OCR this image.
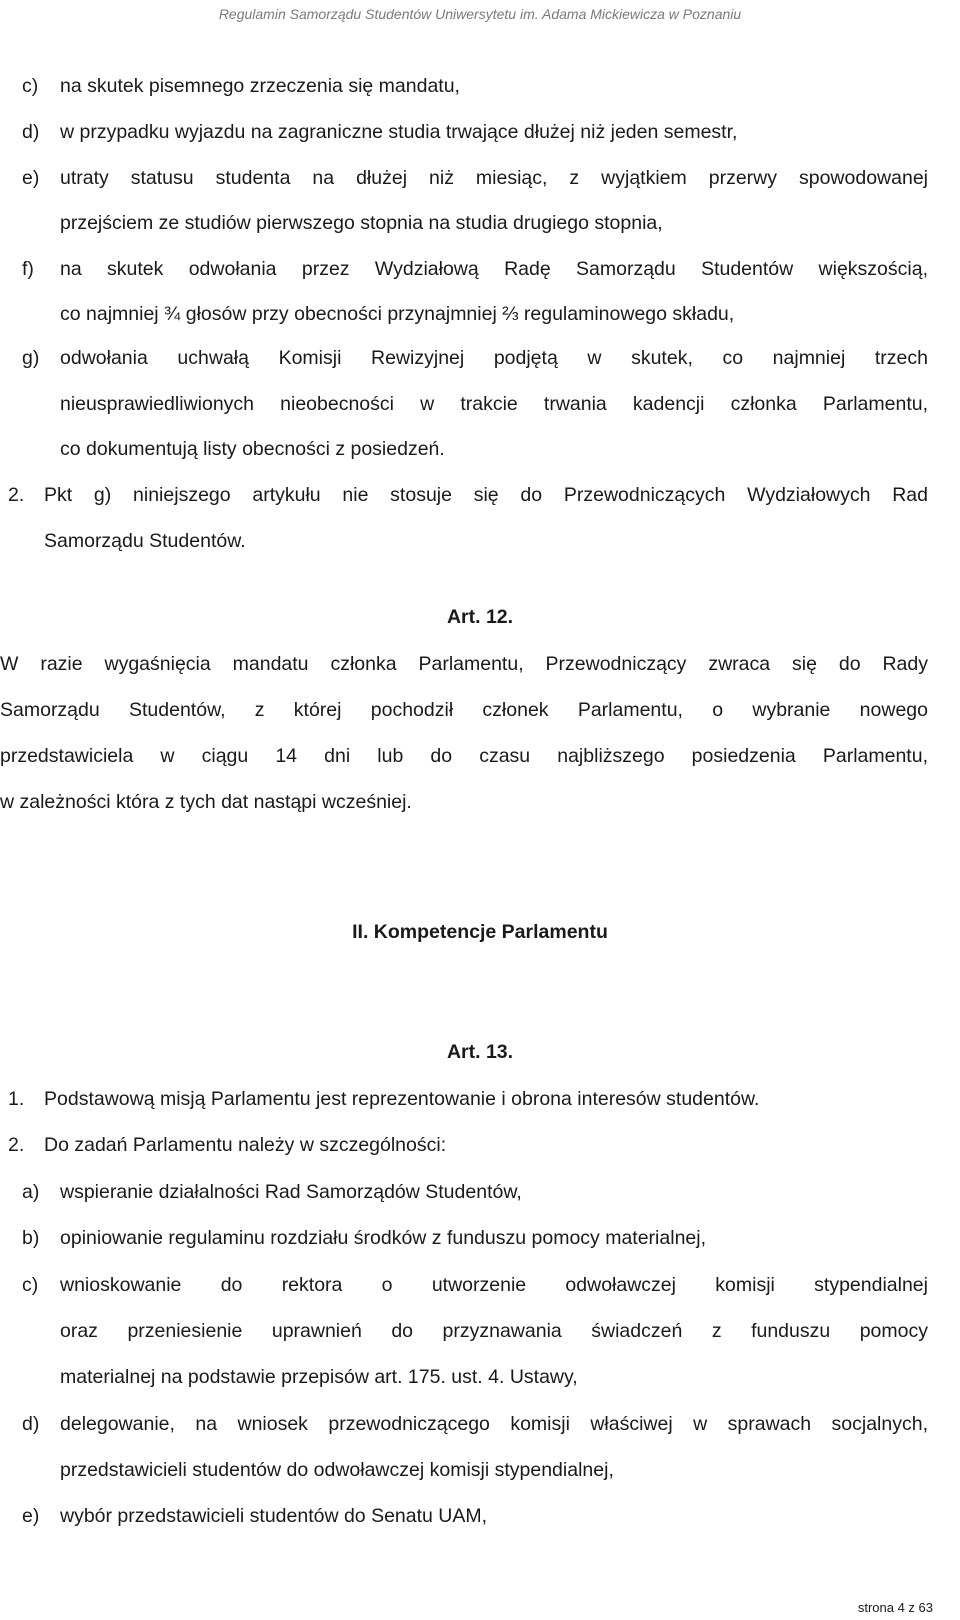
Regulamin Samorządu Studentów Uniwersytetu im. Adama Mickiewicza w Poznaniu
c) na skutek pisemnego zrzeczenia się mandatu,
d) w przypadku wyjazdu na zagraniczne studia trwające dłużej niż jeden semestr,
e) utraty statusu studenta na dłużej niż miesiąc, z wyjątkiem przerwy spowodowanej
przejściem ze studiów pierwszego stopnia na studia drugiego stopnia,
f) na skutek odwołania przez Wydziałową Radę Samorządu Studentów większością,
co najmniej ¾ głosów przy obecności przynajmniej ⅔ regulaminowego składu,
g) odwołania uchwałą Komisji Rewizyjnej podjętą w skutek, co najmniej trzech
nieusprawiedliwionych nieobecności w trakcie trwania kadencji członka Parlamentu,
co dokumentują listy obecności z posiedzeń.
2. Pkt g) niniejszego artykułu nie stosuje się do Przewodniczących Wydziałowych Rad
Samorządu Studentów.
Art. 12.
W razie wygaśnięcia mandatu członka Parlamentu, Przewodniczący zwraca się do Rady
Samorządu Studentów, z której pochodził członek Parlamentu, o wybranie nowego
przedstawiciela w ciągu 14 dni lub do czasu najbliższego posiedzenia Parlamentu,
w zależności która z tych dat nastąpi wcześniej.
II. Kompetencje Parlamentu
Art. 13.
1. Podstawową misją Parlamentu jest reprezentowanie i obrona interesów studentów.
2. Do zadań Parlamentu należy w szczególności:
a) wspieranie działalności Rad Samorządów Studentów,
b) opiniowanie regulaminu rozdziału środków z funduszu pomocy materialnej,
c) wnioskowanie do rektora o utworzenie odwoławczej komisji stypendialnej
oraz przeniesienie uprawnień do przyznawania świadczeń z funduszu pomocy
materialnej na podstawie przepisów art. 175. ust. 4. Ustawy,
d) delegowanie, na wniosek przewodniczącego komisji właściwej w sprawach socjalnych,
przedstawicieli studentów do odwoławczej komisji stypendialnej,
e) wybór przedstawicieli studentów do Senatu UAM,
strona 4 z 63
